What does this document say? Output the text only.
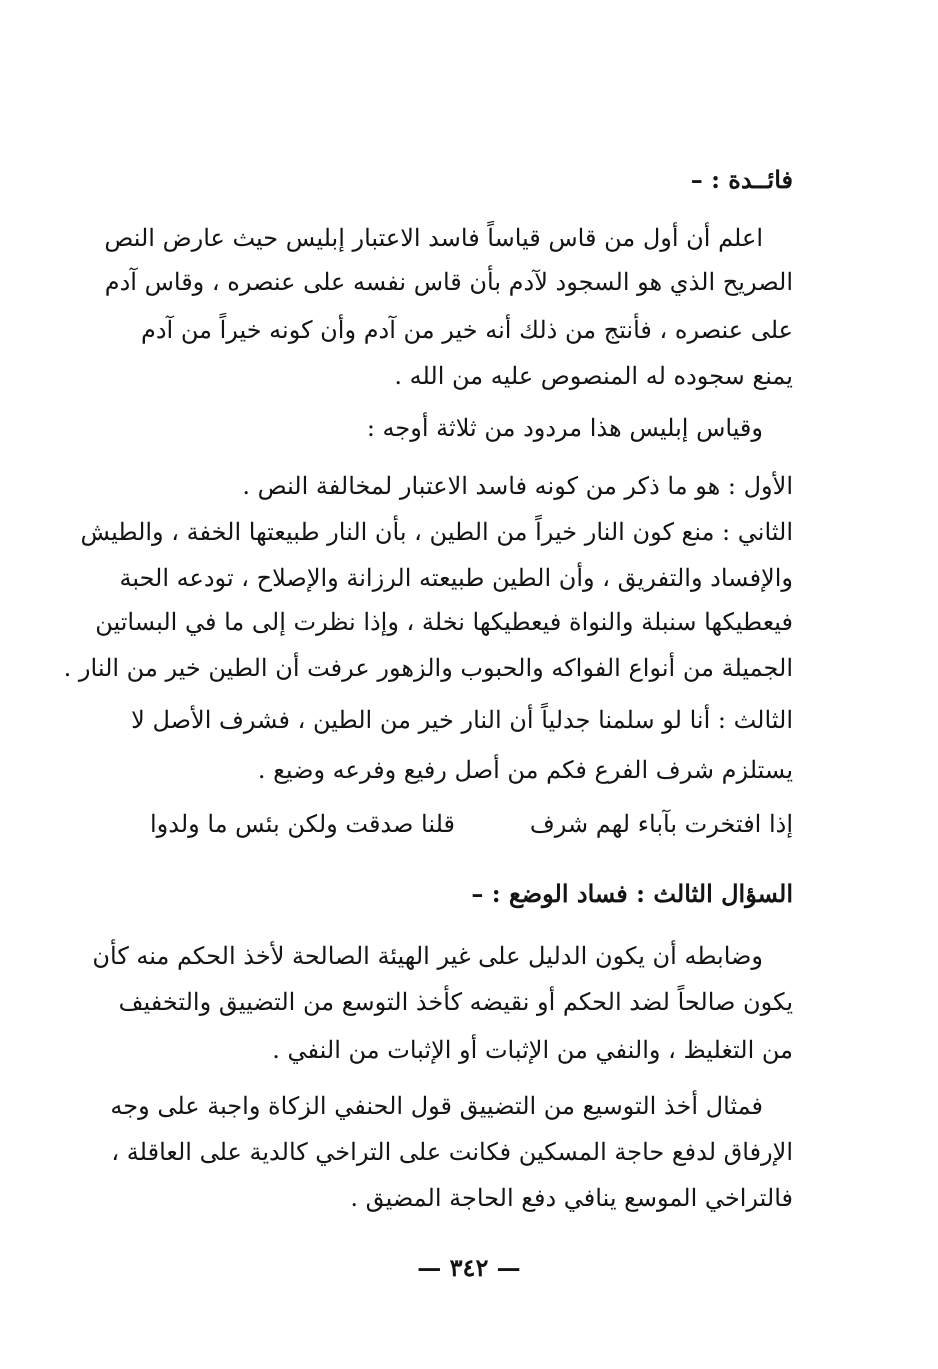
فائــدة : –
اعلم أن أول من قاس قياساً فاسد الاعتبار إبليس حيث عارض النص
الصريح الذي هو السجود لآدم بأن قاس نفسه على عنصره ، وقاس آدم
على عنصره ، فأنتج من ذلك أنه خير من آدم وأن كونه خيراً من آدم
يمنع سجوده له المنصوص عليه من الله .
وقياس إبليس هذا مردود من ثلاثة أوجه :
الأول : هو ما ذكر من كونه فاسد الاعتبار لمخالفة النص .
الثاني : منع كون النار خيراً من الطين ، بأن النار طبيعتها الخفة ، والطيش
والإفساد والتفريق ، وأن الطين طبيعته الرزانة والإصلاح ، تودعه الحبة
فيعطيكها سنبلة والنواة فيعطيكها نخلة ، وإذا نظرت إلى ما في البساتين
الجميلة من أنواع الفواكه والحبوب والزهور عرفت أن الطين خير من النار .
الثالث : أنا لو سلمنا جدلياً أن النار خير من الطين ، فشرف الأصل لا
يستلزم شرف الفرع فكم من أصل رفيع وفرعه وضيع .
إذا افتخرت بآباء لهم شرف
قلنا صدقت ولكن بئس ما ولدوا
السؤال الثالث : فساد الوضع : –
وضابطه أن يكون الدليل على غير الهيئة الصالحة لأخذ الحكم منه كأن
يكون صالحاً لضد الحكم أو نقيضه كأخذ التوسع من التضييق والتخفيف
من التغليظ ، والنفي من الإثبات أو الإثبات من النفي .
فمثال أخذ التوسيع من التضييق قول الحنفي الزكاة واجبة على وجه
الإرفاق لدفع حاجة المسكين فكانت على التراخي كالدية على العاقلة ،
فالتراخي الموسع ينافي دفع الحاجة المضيق .
— ٣٤٢ —
